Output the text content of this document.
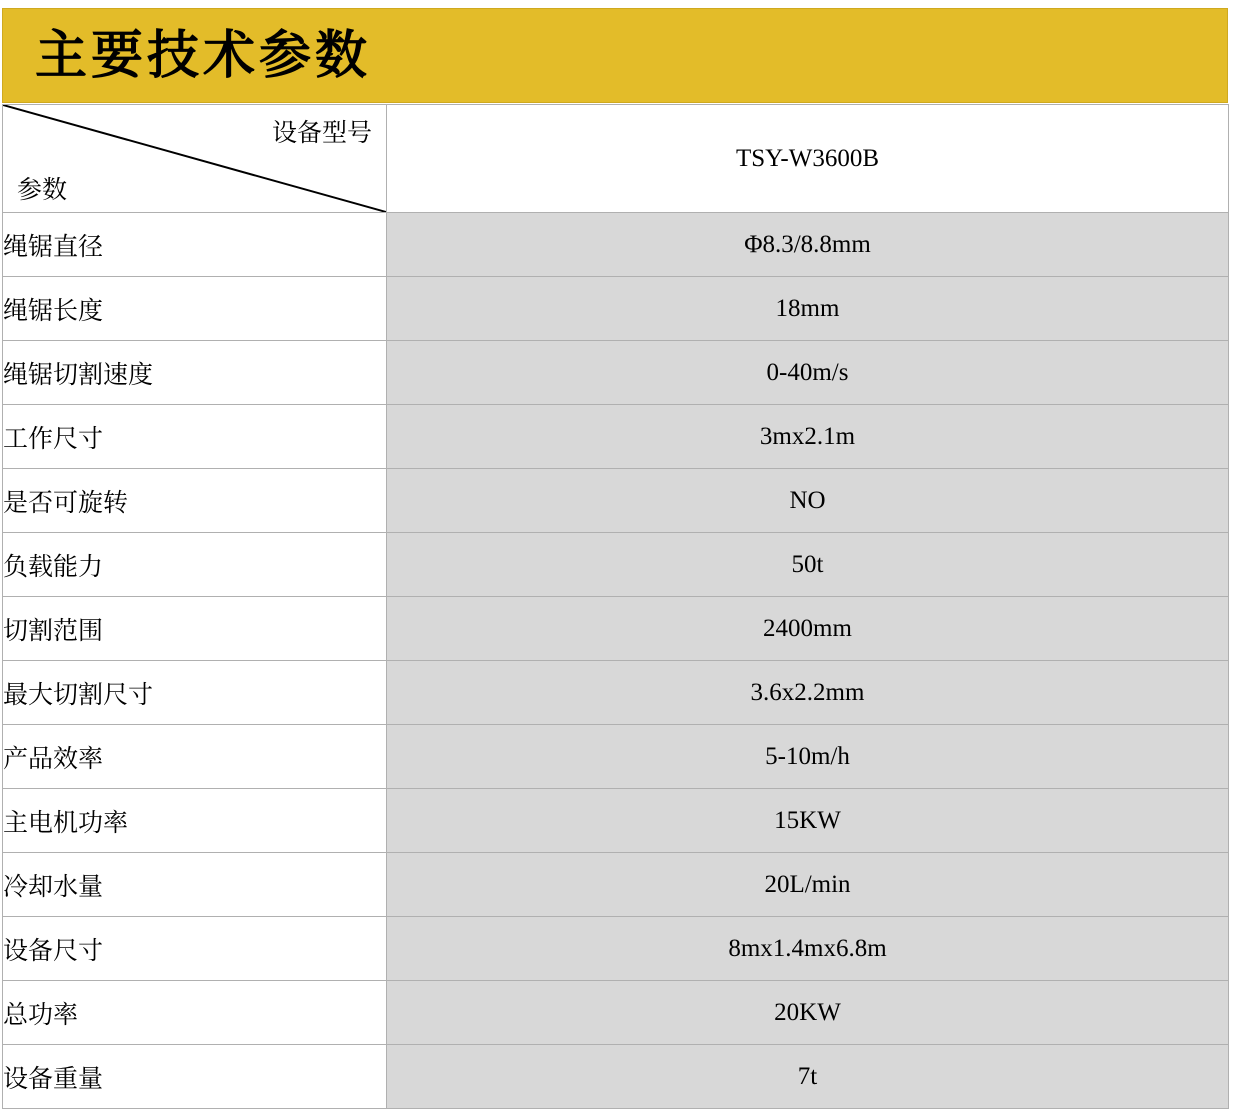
主要技术参数
设备型号
参数	TSY-W3600B
绳锯直径	Φ8.3/8.8mm
绳锯长度	18mm
绳锯切割速度	0-40m/s
工作尺寸	3mx2.1m
是否可旋转	NO
负载能力	50t
切割范围	2400mm
最大切割尺寸	3.6x2.2mm
产品效率	5-10m/h
主电机功率	15KW
冷却水量	20L/min
设备尺寸	8mx1.4mx6.8m
总功率	20KW
设备重量	7t
